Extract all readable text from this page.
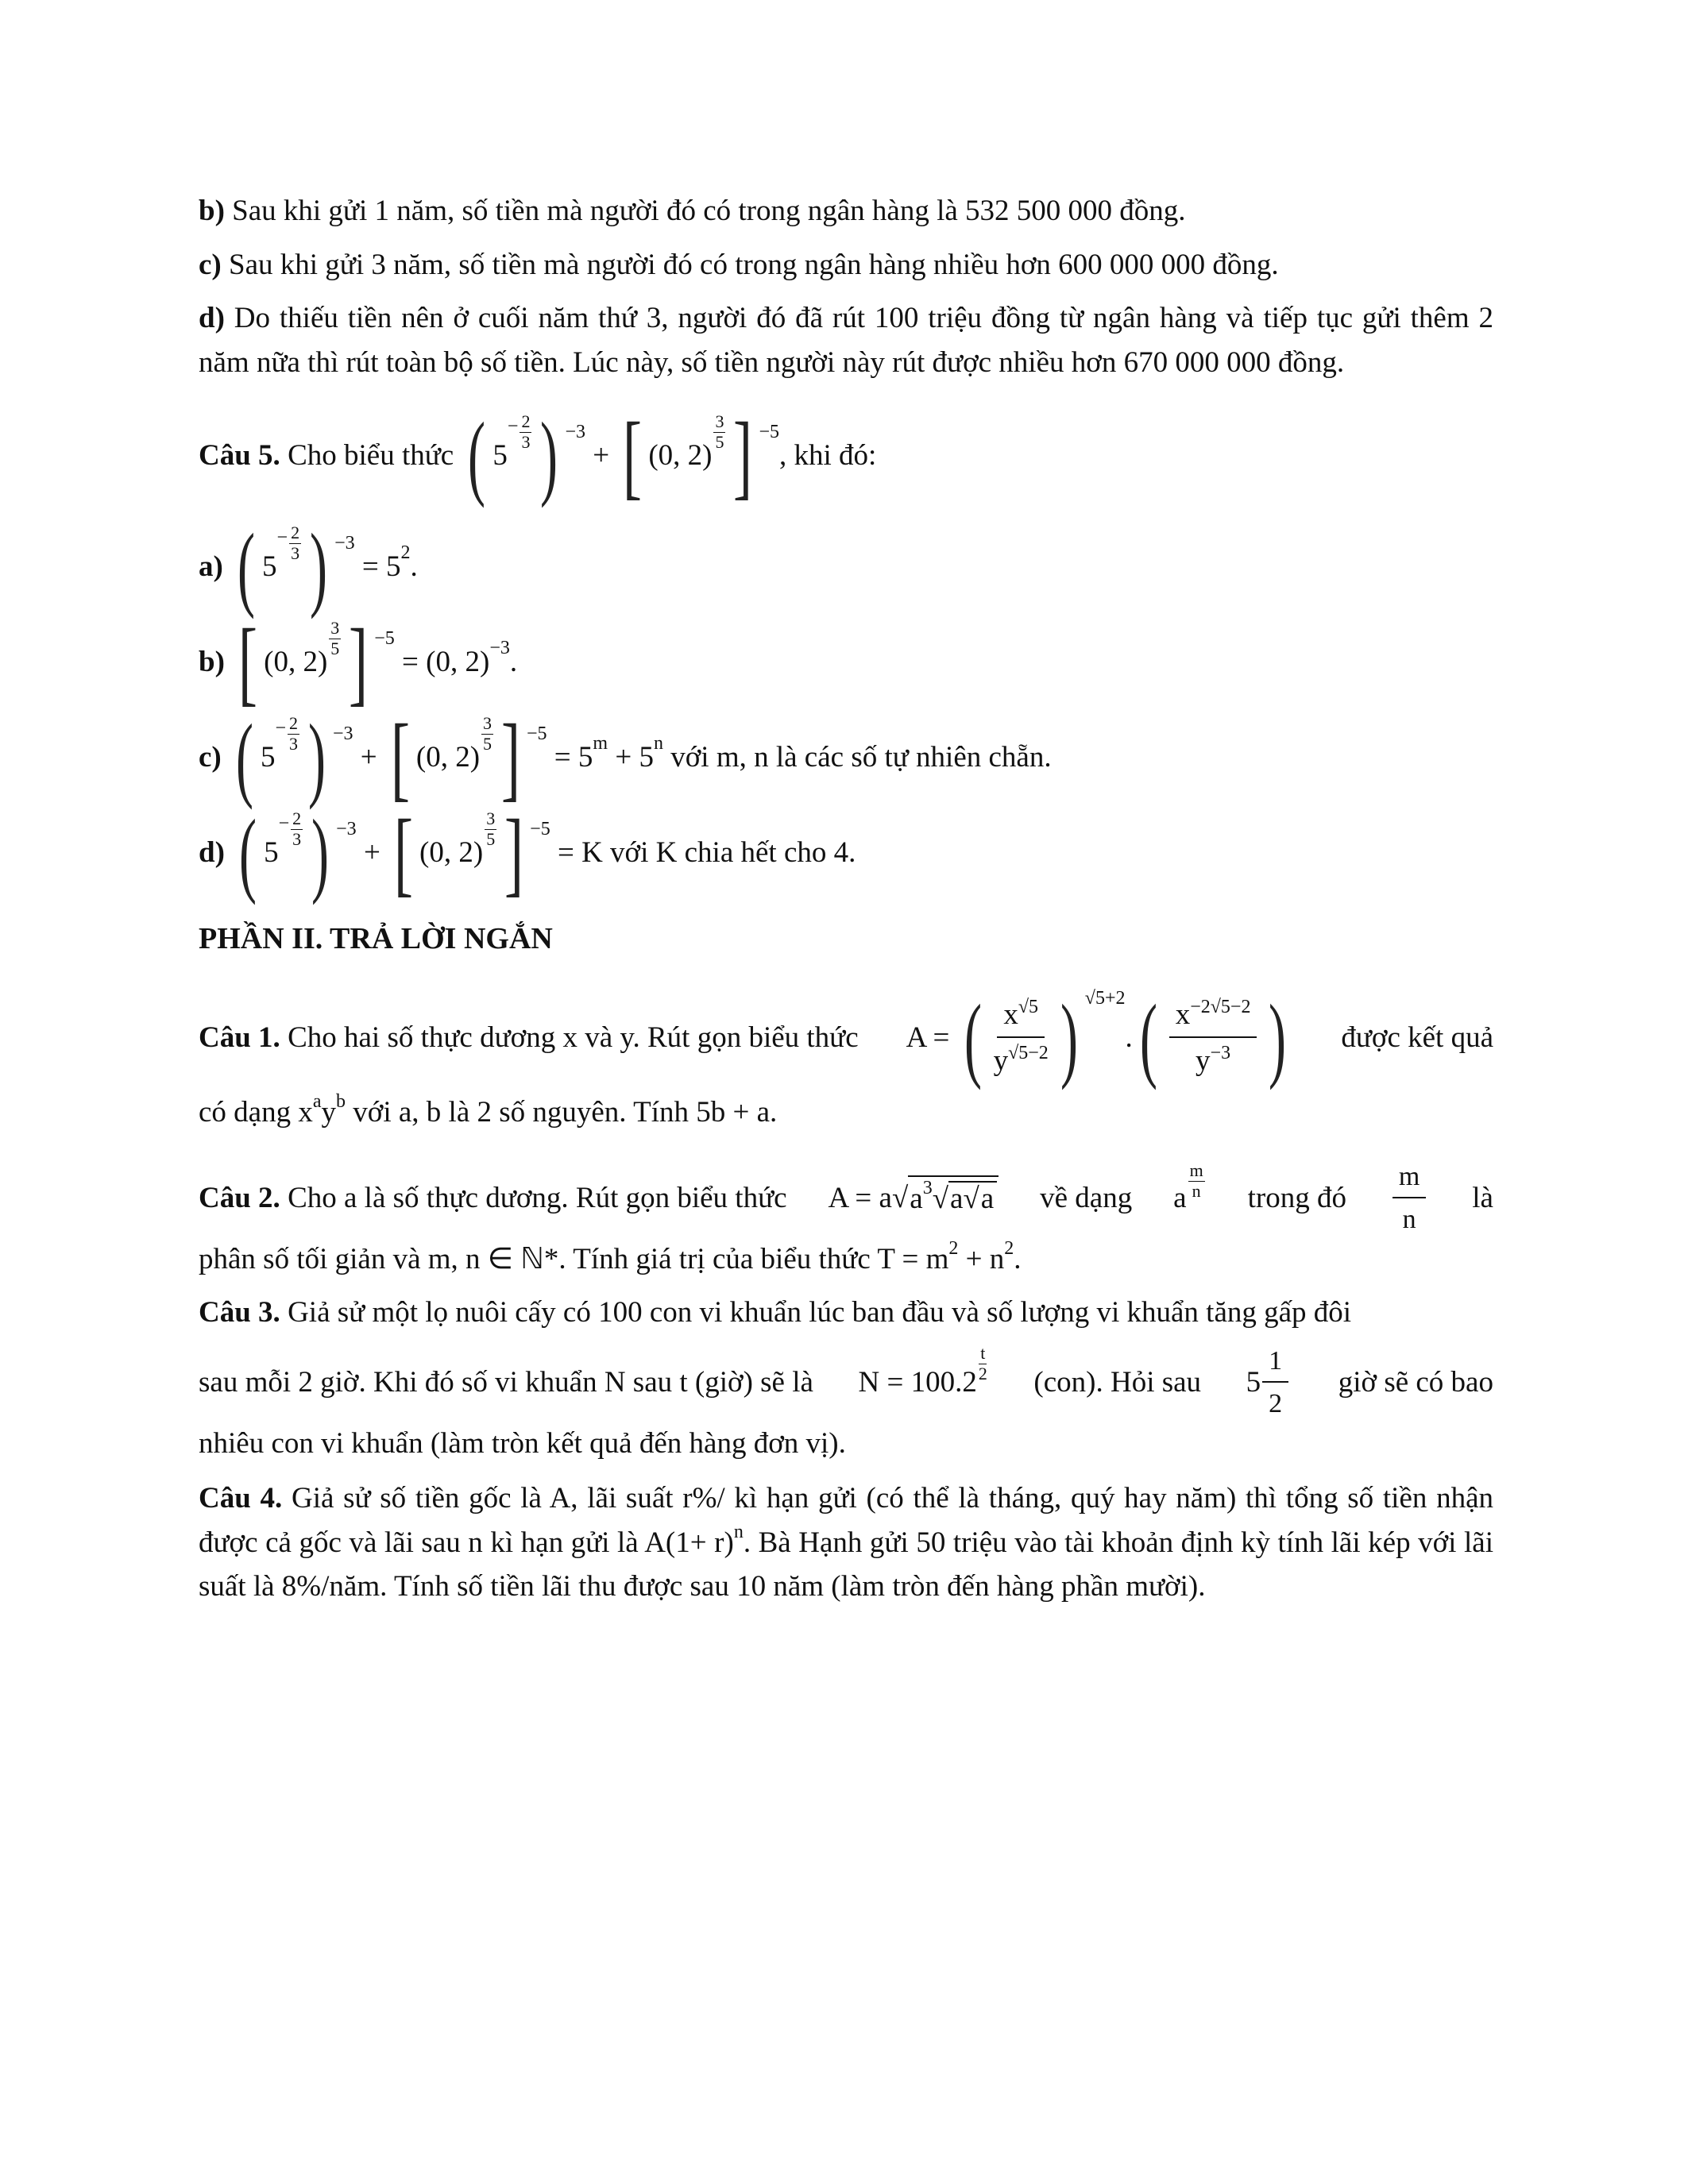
b) Sau khi gửi 1 năm, số tiền mà người đó có trong ngân hàng là 532 500 000 đồng.

c) Sau khi gửi 3 năm, số tiền mà người đó có trong ngân hàng nhiều hơn 600 000 000 đồng.

d) Do thiếu tiền nên ở cuối năm thứ 3, người đó đã rút 100 triệu đồng từ ngân hàng và tiếp tục gửi thêm 2 năm nữa thì rút toàn bộ số tiền. Lúc này, số tiền người này rút được nhiều hơn 670 000 000 đồng.

Câu 5.
Cho biểu thức
( 5
− $\frac{2}{3}$ ) −3
+ [ (0, 2)
$\frac{3}{5}$ ] −5
, khi đó:
a)
( 5
− $\frac{2}{3}$ ) −3

= 5 2 .
b)
[ (0, 2)
$\frac{3}{5}$ ] −5

= (0, 2) −3 .
c)
( 5
− $\frac{2}{3}$ ) −3
+ [ (0, 2)
$\frac{3}{5}$ ] −5

= 5 m + 5 n
với m, n là các số tự nhiên chẵn.
d)
( 5
− $\frac{2}{3}$ ) −3
+ [ (0, 2)
$\frac{3}{5}$ ] −5

= K
với K chia hết cho 4.
PHẦN II. TRẢ LỜI NGẮN
Câu 1. Cho hai số thực dương x và y. Rút gọn biểu thức A = ( $\frac{x^{√5}}{y^{√5-2}}$ ) √5+2
. ( $\frac{x^{-2√5-2}}{y^{-3}}$ ) được kết quả

có dạng $x^ay^b$ với a, b là 2 số nguyên. Tính 5b + a.

Câu 2. Cho a là số thực dương. Rút gọn biểu thức A = a√ $a^3√a√a$ về dạng a $\frac{m}{n}$ trong đó $\frac{m}{n}$ là

phân số tối giản và m, n ∈ ℕ*. Tính giá trị của biểu thức $T = m^2 + n^2$.

Câu 3. Giả sử một lọ nuôi cấy có 100 con vi khuẩn lúc ban đầu và số lượng vi khuẩn tăng gấp đôi

sau mỗi 2 giờ. Khi đó số vi khuẩn N sau t (giờ) sẽ là $N = 100.2 \frac{t}{2} (con)$. Hỏi sau $5 \frac{1}{2}$ giờ sẽ có bao

nhiêu con vi khuẩn (làm tròn kết quả đến hàng đơn vị).

Câu 4. Giả sử số tiền gốc là A, lãi suất r%/ kì hạn gửi (có thể là tháng, quý hay năm) thì tổng số tiền nhận được cả gốc và lãi sau n kì hạn gửi là $A(1+ r)^n$. Bà Hạnh gửi 50 triệu vào tài khoản định kỳ tính lãi kép với lãi suất là 8%/năm. Tính số tiền lãi thu được sau 10 năm (làm tròn đến hàng phần mười).
